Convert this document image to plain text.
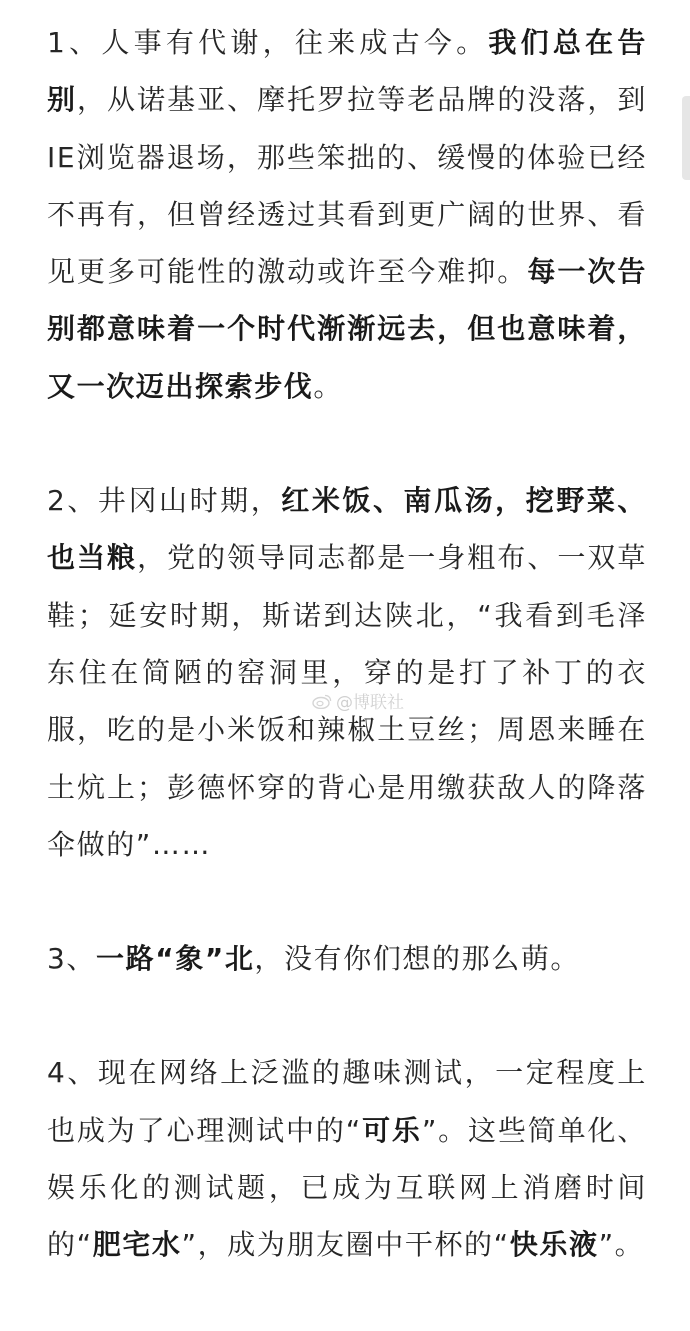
1、人事有代谢，往来成古今。我们总在告别，从诺基亚、摩托罗拉等老品牌的没落，到IE浏览器退场，那些笨拙的、缓慢的体验已经不再有，但曾经透过其看到更广阔的世界、看见更多可能性的激动或许至今难抑。每一次告别都意味着一个时代渐渐远去，但也意味着，又一次迈出探索步伐。

2、井冈山时期，红米饭、南瓜汤，挖野菜、也当粮，党的领导同志都是一身粗布、一双草鞋；延安时期，斯诺到达陕北，“我看到毛泽东住在简陋的窑洞里，穿的是打了补丁的衣服，吃的是小米饭和辣椒土豆丝；周恩来睡在土炕上；彭德怀穿的背心是用缴获敌人的降落伞做的”……

3、一路“象”北，没有你们想的那么萌。

4、现在网络上泛滥的趣味测试，一定程度上也成为了心理测试中的“可乐”。这些简单化、娱乐化的测试题，已成为互联网上消磨时间的“肥宅水”，成为朋友圈中干杯的“快乐液”。

@博联社
